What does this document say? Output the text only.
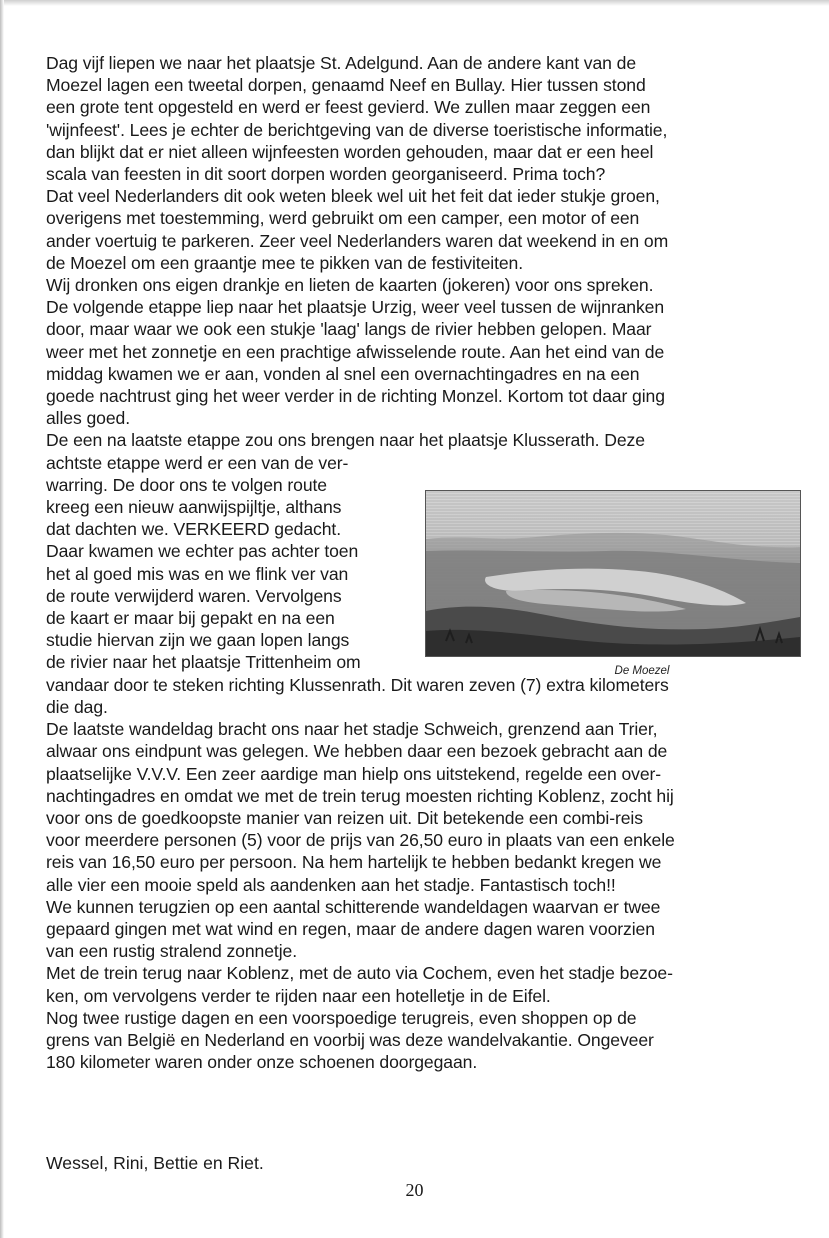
Dag vijf liepen we naar het plaatsje St. Adelgund. Aan de andere kant van de
Moezel lagen een tweetal dorpen, genaamd Neef en Bullay. Hier tussen stond
een grote tent opgesteld en werd er feest gevierd. We zullen maar zeggen een
'wijnfeest'. Lees je echter de berichtgeving van de diverse toeristische informatie,
dan blijkt dat er niet alleen wijnfeesten worden gehouden, maar dat er een heel
scala van feesten in dit soort dorpen worden georganiseerd. Prima toch?

Dat veel Nederlanders dit ook weten bleek wel uit het feit dat ieder stukje groen,
overigens met toestemming, werd gebruikt om een camper, een motor of een
ander voertuig te parkeren. Zeer veel Nederlanders waren dat weekend in en om
de Moezel om een graantje mee te pikken van de festiviteiten.

Wij dronken ons eigen drankje en lieten de kaarten (jokeren) voor ons spreken.

De volgende etappe liep naar het plaatsje Urzig, weer veel tussen de wijnranken
door, maar waar we ook een stukje 'laag' langs de rivier hebben gelopen. Maar
weer met het zonnetje en een prachtige afwisselende route. Aan het eind van de
middag kwamen we er aan, vonden al snel een overnachtingadres en na een
goede nachtrust ging het weer verder in de richting Monzel. Kortom tot daar ging
alles goed.

De een na laatste etappe zou ons brengen naar het plaatsje Klusserath. Deze
achtste etappe werd er een van de ver-
warring. De door ons te volgen route
kreeg een nieuw aanwijspijltje, althans
dat dachten we. VERKEERD gedacht.
Daar kwamen we echter pas achter toen
het al goed mis was en we flink ver van
de route verwijderd waren. Vervolgens
de kaart er maar bij gepakt en na een
studie hiervan zijn we gaan lopen langs
de rivier naar het plaatsje Trittenheim om
vandaar door te steken richting Klussenrath. Dit waren zeven (7) extra kilometers
die dag.

De laatste wandeldag bracht ons naar het stadje Schweich, grenzend aan Trier,
alwaar ons eindpunt was gelegen. We hebben daar een bezoek gebracht aan de
plaatselijke V.V.V. Een zeer aardige man hielp ons uitstekend, regelde een over-
nachtingadres en omdat we met de trein terug moesten richting Koblenz, zocht hij
voor ons de goedkoopste manier van reizen uit. Dit betekende een combi-reis
voor meerdere personen (5) voor de prijs van 26,50 euro in plaats van een enkele
reis van 16,50 euro per persoon. Na hem hartelijk te hebben bedankt kregen we
alle vier een mooie speld als aandenken aan het stadje. Fantastisch toch!!

We kunnen terugzien op een aantal schitterende wandeldagen waarvan er twee
gepaard gingen met wat wind en regen, maar de andere dagen waren voorzien
van een rustig stralend zonnetje.

Met de trein terug naar Koblenz, met de auto via Cochem, even het stadje bezoe-
ken, om vervolgens verder te rijden naar een hotelletje in de Eifel.

Nog twee rustige dagen en een voorspoedige terugreis, even shoppen op de
grens van België en Nederland en voorbij was deze wandelvakantie. Ongeveer
180 kilometer waren onder onze schoenen doorgegaan.

De Moezel
Wessel, Rini, Bettie en Riet.
20
